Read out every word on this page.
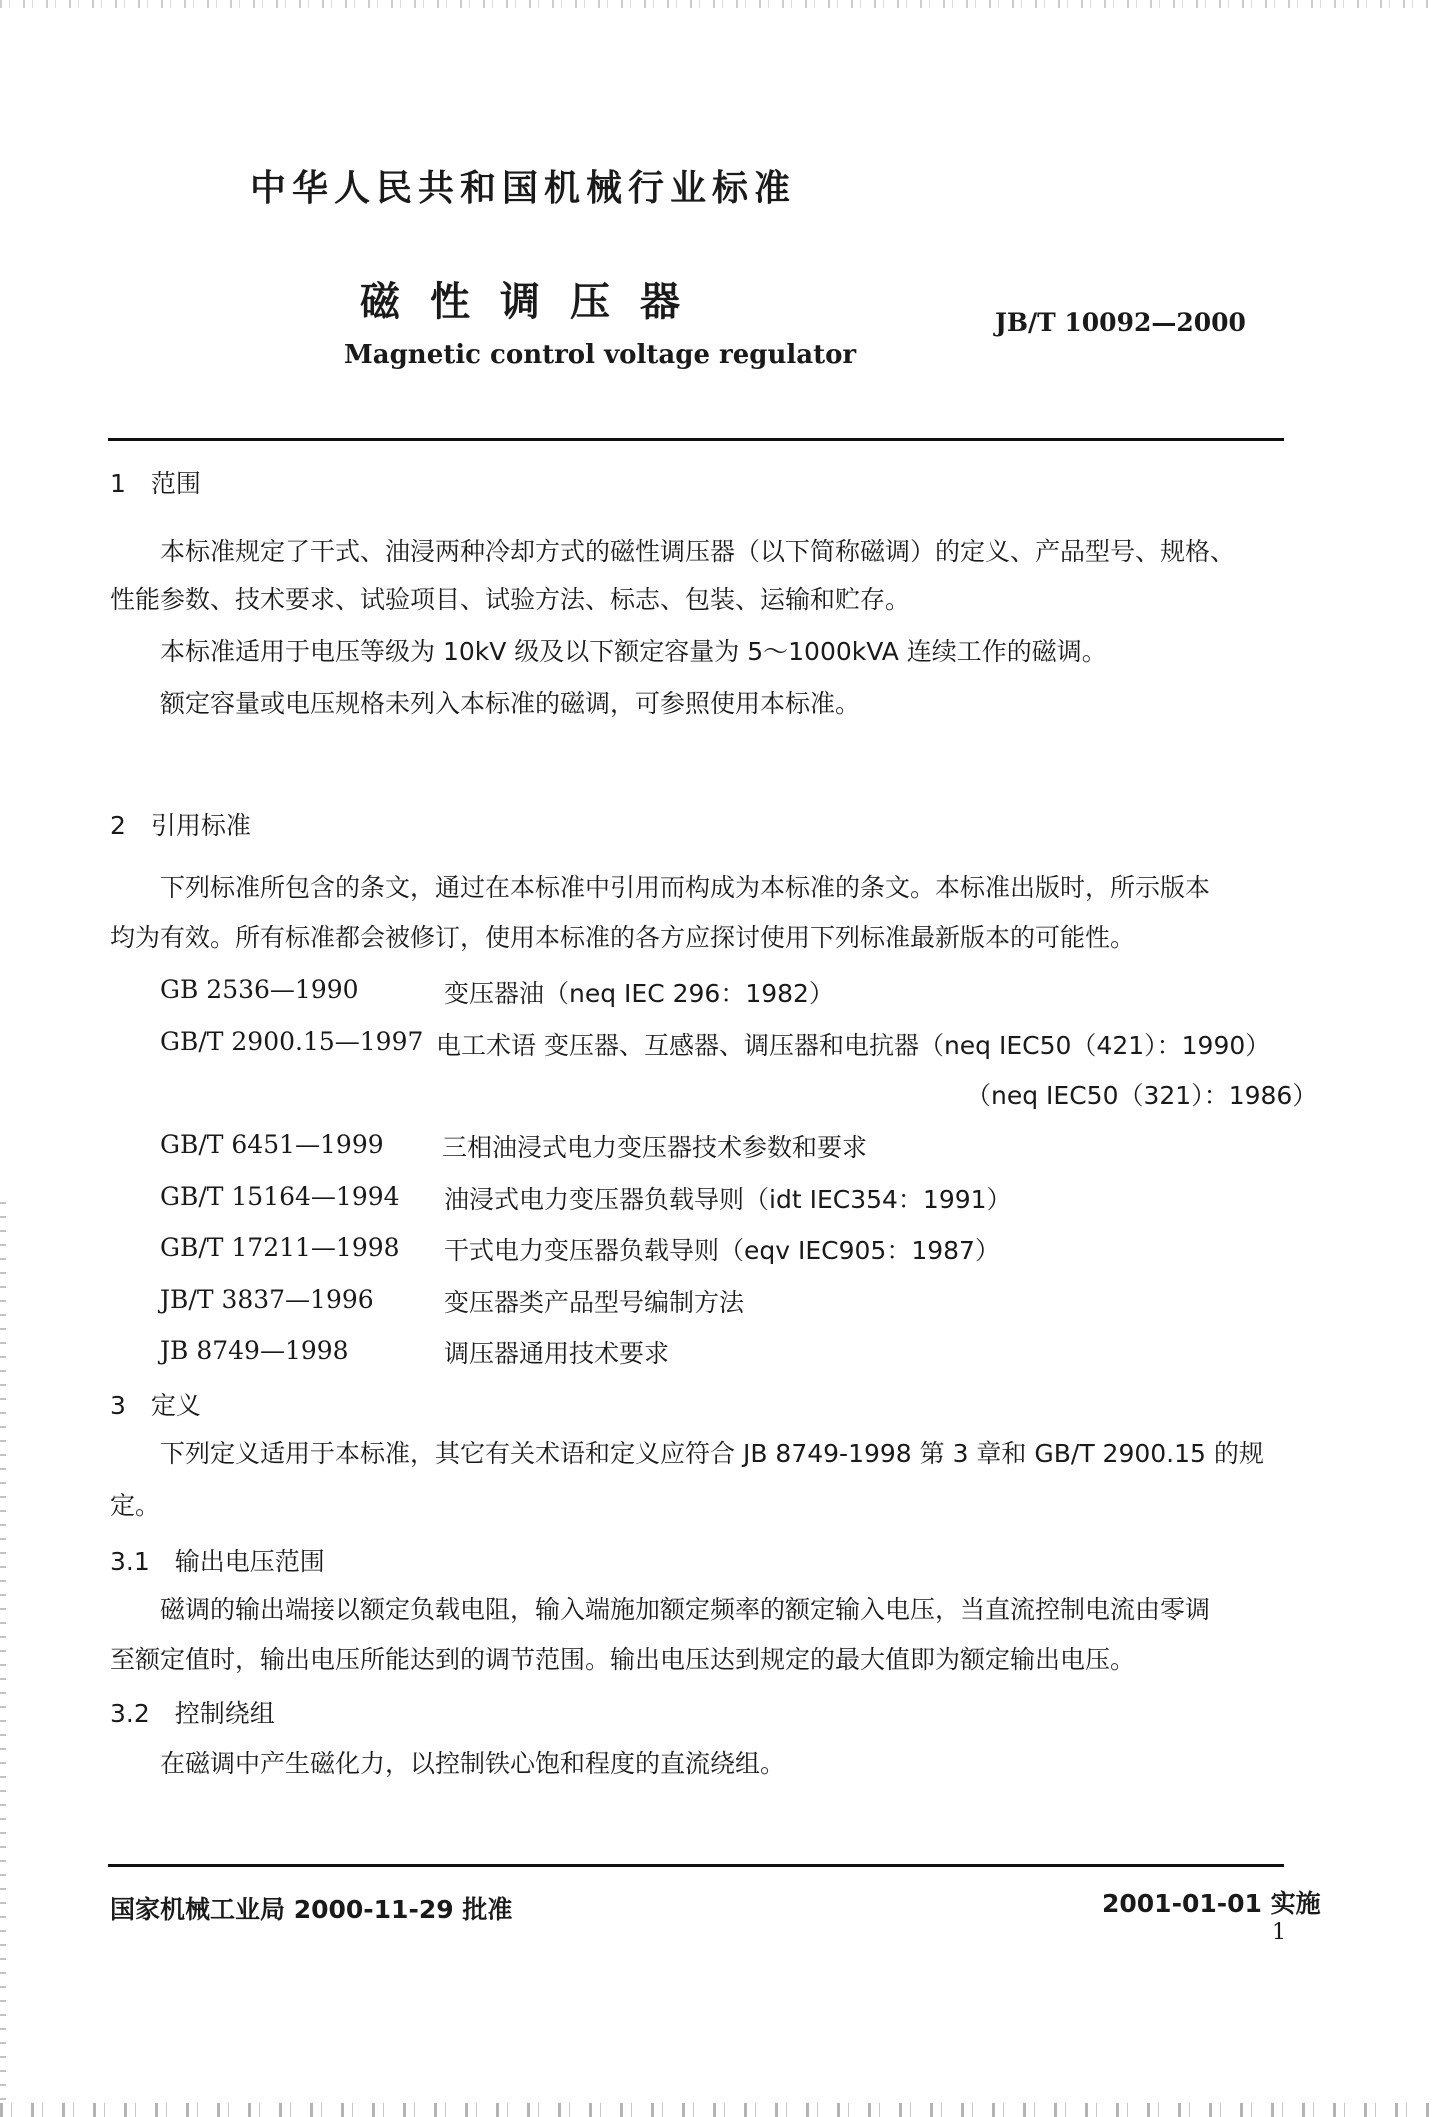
中华人民共和国机械行业标准
磁性调压器	JB/T 10092—2000
Magnetic control voltage regulator
1　范围
本标准规定了干式、油浸两种冷却方式的磁性调压器（以下简称磁调）的定义、产品型号、规格、
性能参数、技术要求、试验项目、试验方法、标志、包装、运输和贮存。
本标准适用于电压等级为 10kV 级及以下额定容量为 5～1000kVA 连续工作的磁调。
额定容量或电压规格未列入本标准的磁调，可参照使用本标准。
2　引用标准
下列标准所包含的条文，通过在本标准中引用而构成为本标准的条文。本标准出版时，所示版本
均为有效。所有标准都会被修订，使用本标准的各方应探讨使用下列标准最新版本的可能性。
GB 2536—1990	变压器油（neq IEC 296：1982）
GB/T 2900.15—1997 电工术语 变压器、互感器、调压器和电抗器（neq IEC50（421）：1990）
（neq IEC50（321）：1986）
GB/T 6451—1999 三相油浸式电力变压器技术参数和要求
GB/T 15164—1994 油浸式电力变压器负载导则（idt IEC354：1991）
GB/T 17211—1998 干式电力变压器负载导则（eqv IEC905：1987）
JB/T 3837—1996	变压器类产品型号编制方法
JB 8749—1998	调压器通用技术要求
3　定义
下列定义适用于本标准，其它有关术语和定义应符合 JB 8749-1998 第 3 章和 GB/T 2900.15 的规
定。
3.1　输出电压范围
磁调的输出端接以额定负载电阻，输入端施加额定频率的额定输入电压，当直流控制电流由零调
至额定值时，输出电压所能达到的调节范围。输出电压达到规定的最大值即为额定输出电压。
3.2　控制绕组
在磁调中产生磁化力，以控制铁心饱和程度的直流绕组。
国家机械工业局 2000-11-29 批准	2001-01-01 实施
1
